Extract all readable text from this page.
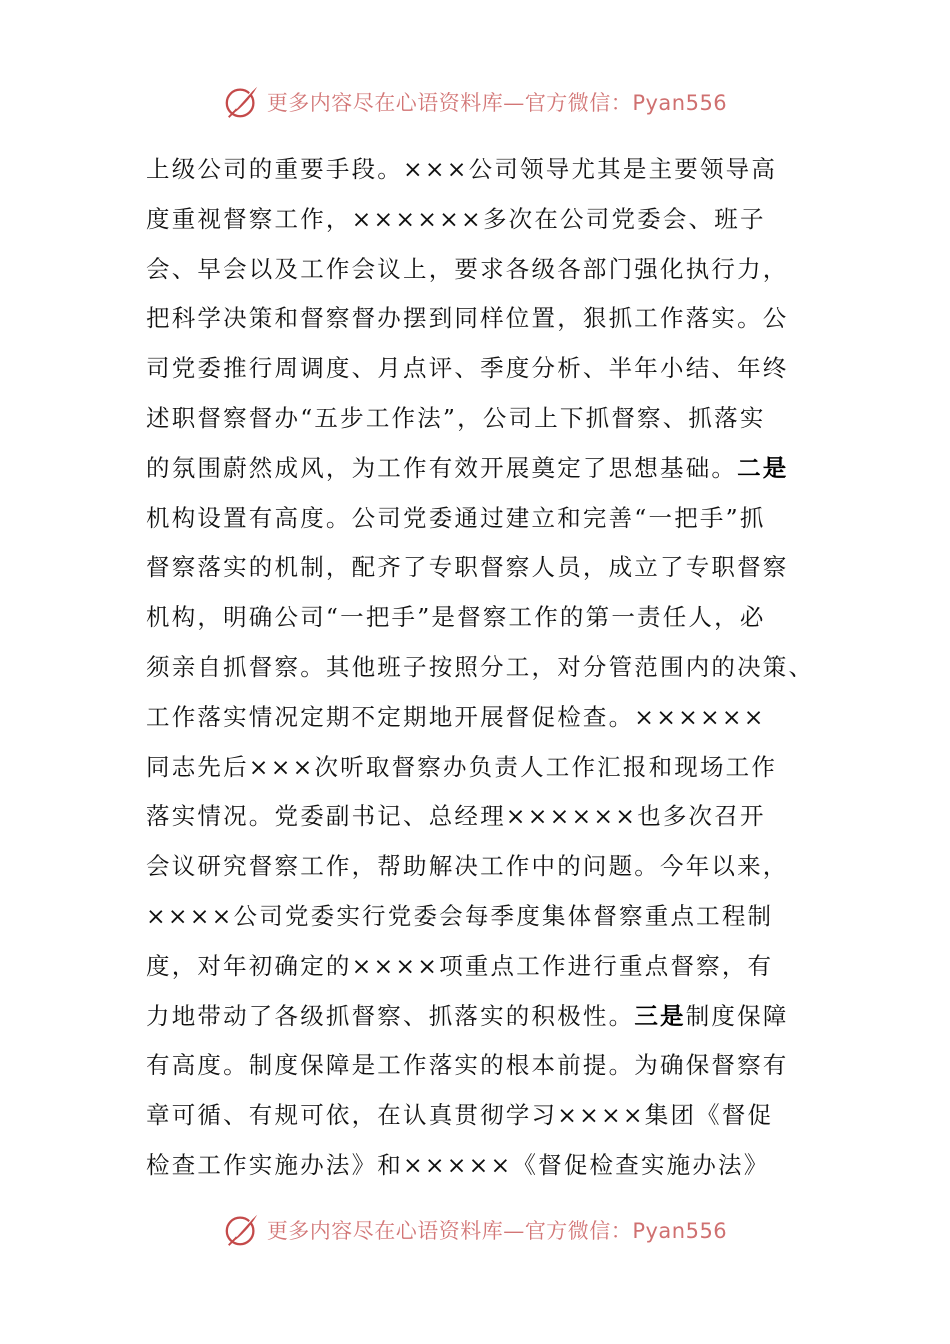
更多内容尽在心语资料库—官方微信：Pyan556
上级公司的重要手段。×××公司领导尤其是主要领导高
度重视督察工作，××××××多次在公司党委会、班子
会、早会以及工作会议上，要求各级各部门强化执行力，
把科学决策和督察督办摆到同样位置，狠抓工作落实。公
司党委推行周调度、月点评、季度分析、半年小结、年终
述职督察督办“五步工作法”，公司上下抓督察、抓落实
的氛围蔚然成风，为工作有效开展奠定了思想基础。二是
机构设置有高度。公司党委通过建立和完善“一把手”抓
督察落实的机制，配齐了专职督察人员，成立了专职督察
机构，明确公司“一把手”是督察工作的第一责任人，必
须亲自抓督察。其他班子按照分工，对分管范围内的决策、
工作落实情况定期不定期地开展督促检查。××××××
同志先后×××次听取督察办负责人工作汇报和现场工作
落实情况。党委副书记、总经理××××××也多次召开
会议研究督察工作，帮助解决工作中的问题。今年以来，
××××公司党委实行党委会每季度集体督察重点工程制
度，对年初确定的××××项重点工作进行重点督察，有
力地带动了各级抓督察、抓落实的积极性。三是制度保障
有高度。制度保障是工作落实的根本前提。为确保督察有
章可循、有规可依，在认真贯彻学习××××集团《督促
检查工作实施办法》和×××××《督促检查实施办法》
更多内容尽在心语资料库—官方微信：Pyan556
